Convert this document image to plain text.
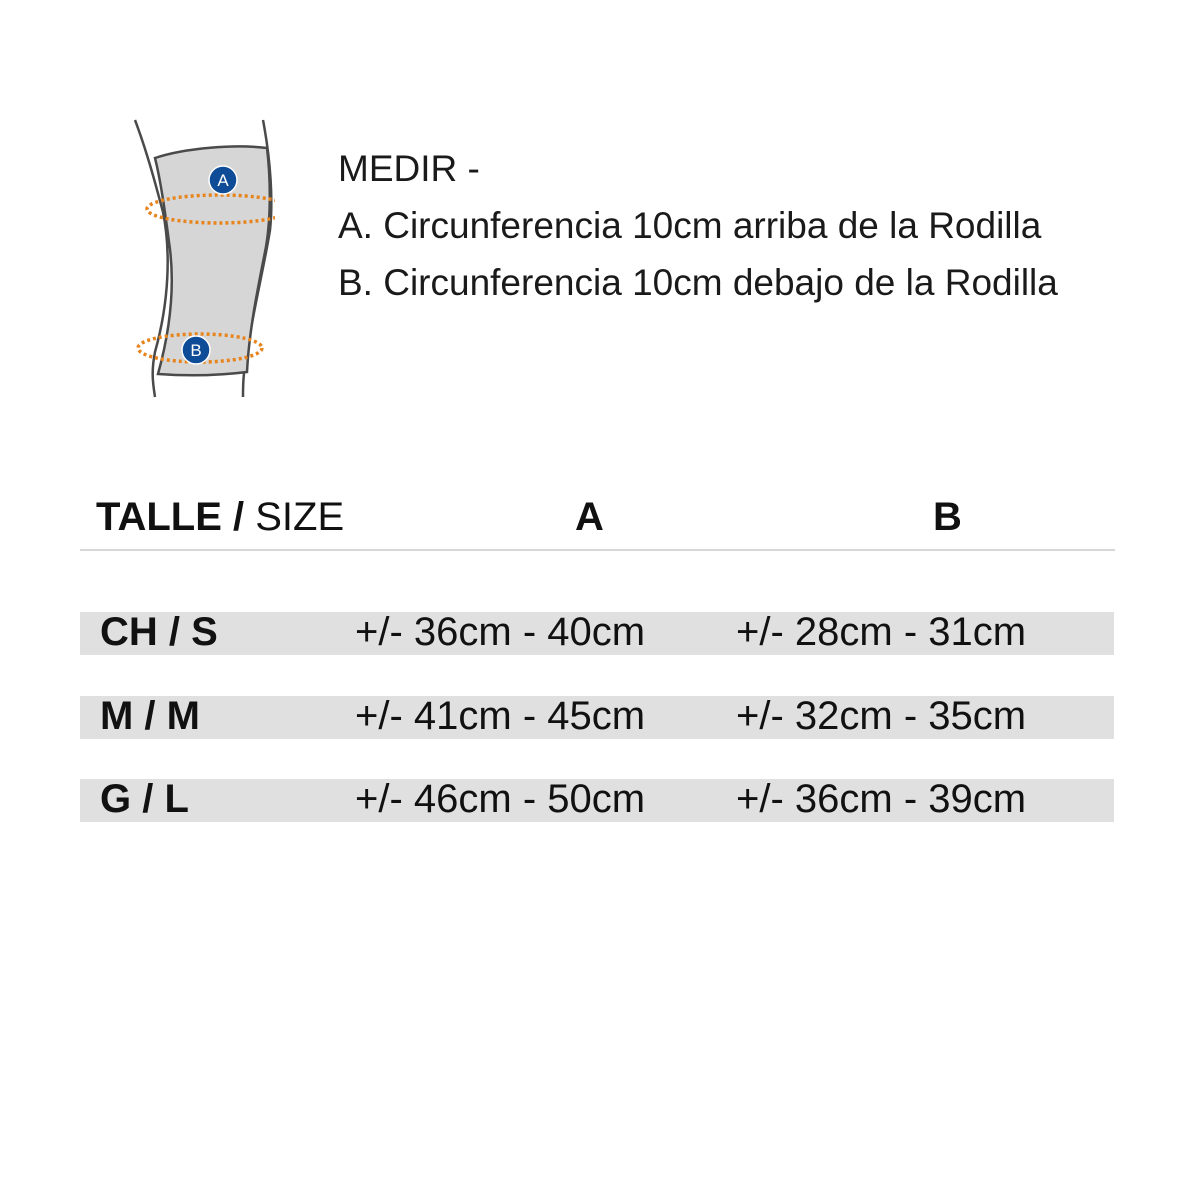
A
B
MEDIR -
A. Circunferencia 10cm arriba de la Rodilla
B. Circunferencia 10cm debajo de la Rodilla
TALLE / SIZE	A	B
CH / S	+/- 36cm - 40cm +/- 28cm - 31cm
M / M	+/- 41cm - 45cm +/- 32cm - 35cm
G / L	+/- 46cm - 50cm +/- 36cm - 39cm
